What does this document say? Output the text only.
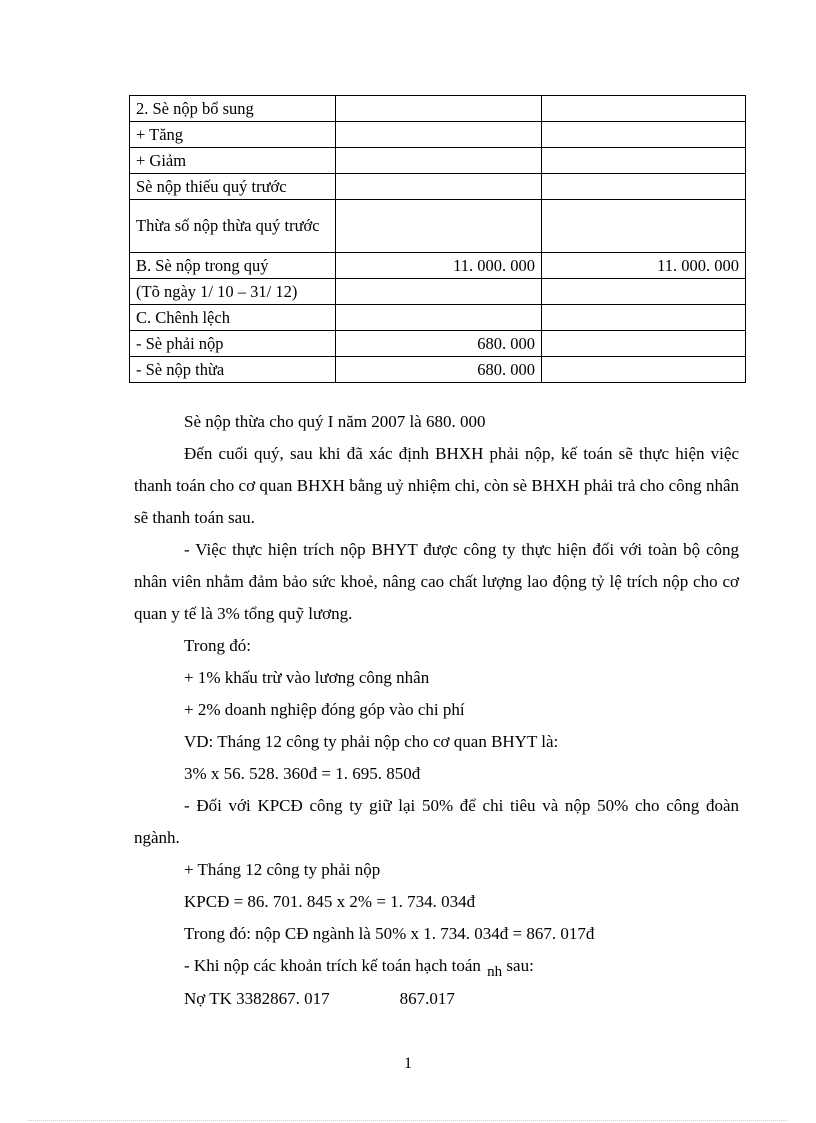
2. Sè nộp bổ sung		
+ Tăng		
+ Giảm		
Sè nộp thiếu quý trước		
Thừa số nộp thừa quý trước		
B. Sè nộp trong quý	11. 000. 000	11. 000. 000
(Tõ ngày 1/ 10 – 31/ 12)		
C. Chênh lệch		
- Sè phải nộp	680. 000	
- Sè nộp thừa	680. 000	

Sè nộp thừa cho quý I năm 2007 là 680. 000

Đến cuối quý, sau khi đã xác định BHXH phải nộp, kế toán sẽ thực hiện việc thanh toán cho cơ quan BHXH bằng uỷ nhiệm chi, còn sè BHXH phải trả cho công nhân sẽ thanh toán sau.

- Việc thực hiện trích nộp BHYT được công ty thực hiện đối với toàn bộ công nhân viên nhằm đảm bảo sức khoẻ, nâng cao chất lượng lao động tỷ lệ trích nộp cho cơ quan y tế là 3% tổng quỹ lương.

Trong đó:

+ 1% khấu trừ vào lương công nhân

+ 2% doanh nghiệp đóng góp vào chi phí

VD: Tháng 12 công ty phải nộp cho cơ quan BHYT là:

3% x 56. 528. 360đ = 1. 695. 850đ

- Đối với KPCĐ công ty giữ lại 50% để chi tiêu và nộp 50% cho công đoàn ngành.

+ Tháng 12 công ty phải nộp

KPCĐ = 86. 701. 845 x 2% = 1. 734. 034đ

Trong đó: nộp CĐ ngành là 50% x 1. 734. 034đ = 867. 017đ

- Khi nộp các khoản trích kế toán hạch toán nh sau:

Nợ TK 3382867. 017	867.017

1
